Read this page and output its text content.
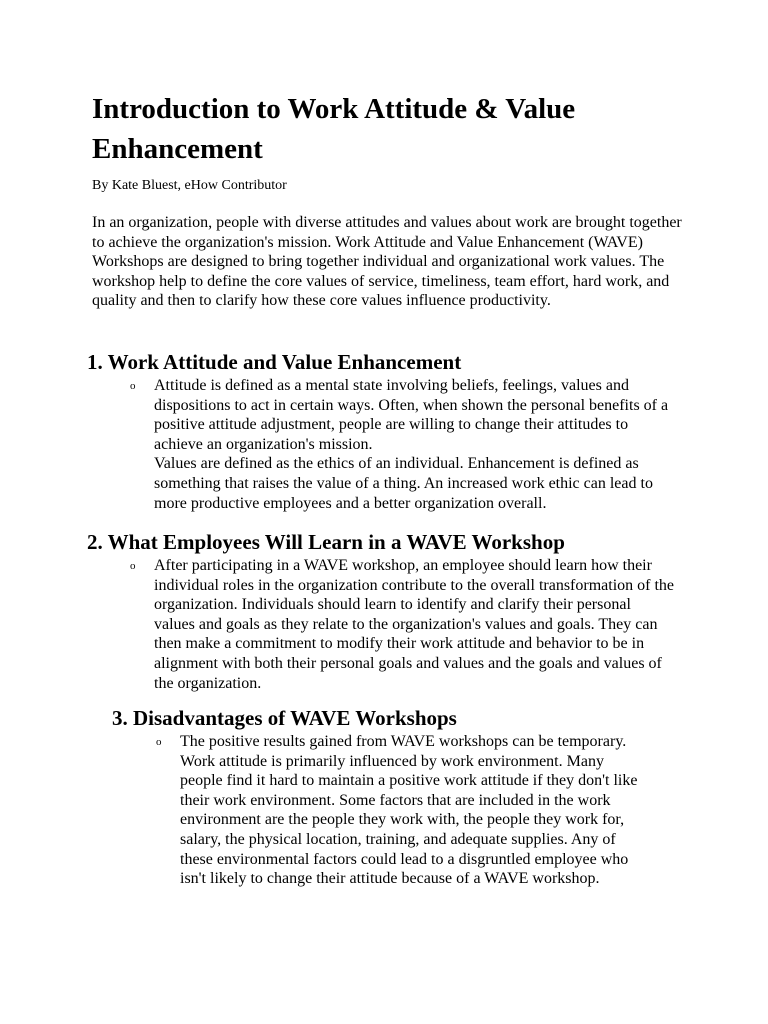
Introduction to Work Attitude & Value Enhancement
By Kate Bluest, eHow Contributor
In an organization, people with diverse attitudes and values about work are brought together to achieve the organization's mission. Work Attitude and Value Enhancement (WAVE) Workshops are designed to bring together individual and organizational work values. The workshop help to define the core values of service, timeliness, team effort, hard work, and quality and then to clarify how these core values influence productivity.
1. Work Attitude and Value Enhancement
o Attitude is defined as a mental state involving beliefs, feelings, values and dispositions to act in certain ways. Often, when shown the personal benefits of a positive attitude adjustment, people are willing to change their attitudes to achieve an organization's mission.

Values are defined as the ethics of an individual. Enhancement is defined as something that raises the value of a thing. An increased work ethic can lead to more productive employees and a better organization overall.

2. What Employees Will Learn in a WAVE Workshop
o After participating in a WAVE workshop, an employee should learn how their individual roles in the organization contribute to the overall transformation of the organization. Individuals should learn to identify and clarify their personal values and goals as they relate to the organization's values and goals. They can then make a commitment to modify their work attitude and behavior to be in alignment with both their personal goals and values and the goals and values of the organization.

3. Disadvantages of WAVE Workshops
o The positive results gained from WAVE workshops can be temporary. Work attitude is primarily influenced by work environment. Many people find it hard to maintain a positive work attitude if they don't like their work environment. Some factors that are included in the work environment are the people they work with, the people they work for, salary, the physical location, training, and adequate supplies. Any of these environmental factors could lead to a disgruntled employee who isn't likely to change their attitude because of a WAVE workshop.
